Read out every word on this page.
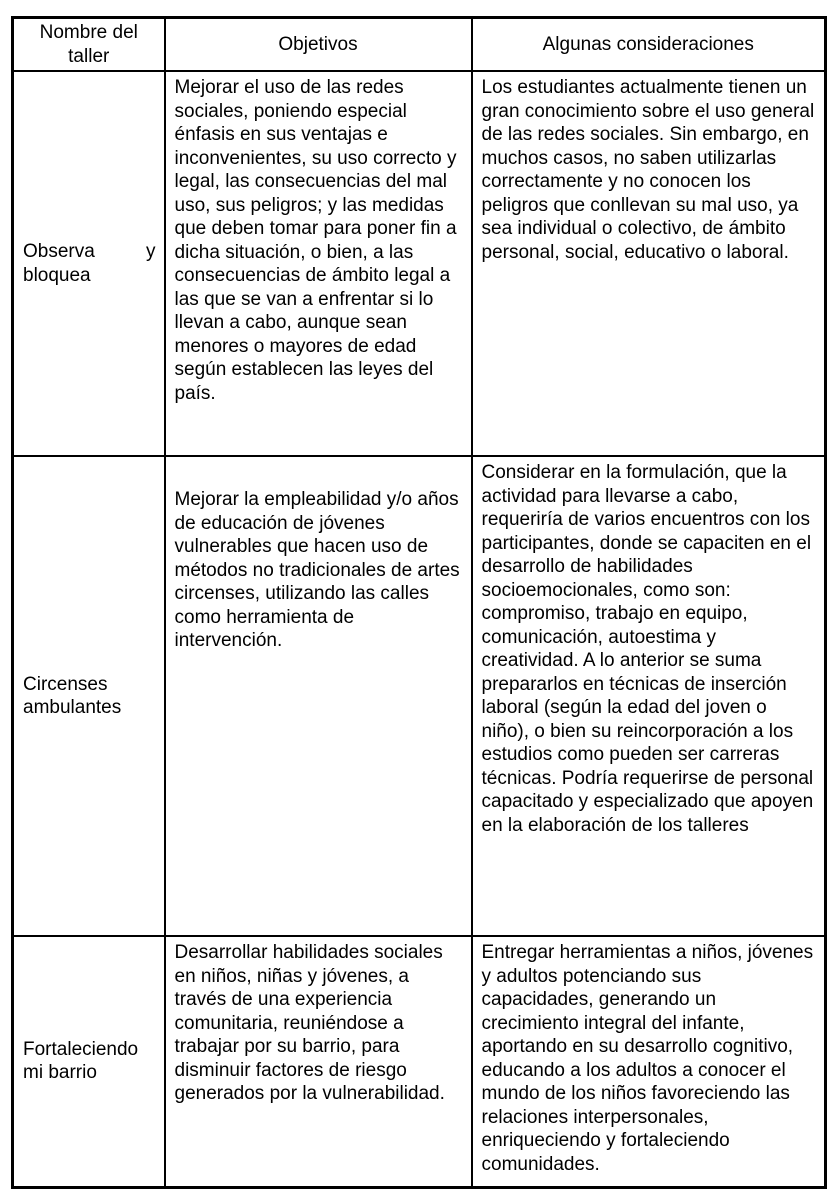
Nombre del taller	Objetivos	Algunas consideraciones
Observa y bloquea	Mejorar el uso de las redes sociales, poniendo especial énfasis en sus ventajas e inconvenientes, su uso correcto y legal, las consecuencias del mal uso, sus peligros; y las medidas que deben tomar para poner fin a dicha situación, o bien, a las consecuencias de ámbito legal a las que se van a enfrentar si lo llevan a cabo, aunque sean menores o mayores de edad según establecen las leyes del país.	Los estudiantes actualmente tienen un gran conocimiento sobre el uso general de las redes sociales. Sin embargo, en muchos casos, no saben utilizarlas correctamente y no conocen los peligros que conllevan su mal uso, ya sea individual o colectivo, de ámbito personal, social, educativo o laboral.
Circenses ambulantes	Mejorar la empleabilidad y/o años de educación de jóvenes vulnerables que hacen uso de métodos no tradicionales de artes circenses, utilizando las calles como herramienta de intervención.	Considerar en la formulación, que la actividad para llevarse a cabo, requeriría de varios encuentros con los participantes, donde se capaciten en el desarrollo de habilidades socioemocionales, como son: compromiso, trabajo en equipo, comunicación, autoestima y creatividad. A lo anterior se suma prepararlos en técnicas de inserción laboral (según la edad del joven o niño), o bien su reincorporación a los estudios como pueden ser carreras técnicas. Podría requerirse de personal capacitado y especializado que apoyen en la elaboración de los talleres
Fortaleciendo mi barrio	Desarrollar habilidades sociales en niños, niñas y jóvenes, a través de una experiencia comunitaria, reuniéndose a trabajar por su barrio, para disminuir factores de riesgo generados por la vulnerabilidad.	Entregar herramientas a niños, jóvenes y adultos potenciando sus capacidades, generando un crecimiento integral del infante, aportando en su desarrollo cognitivo, educando a los adultos a conocer el mundo de los niños favoreciendo las relaciones interpersonales, enriqueciendo y fortaleciendo comunidades.
